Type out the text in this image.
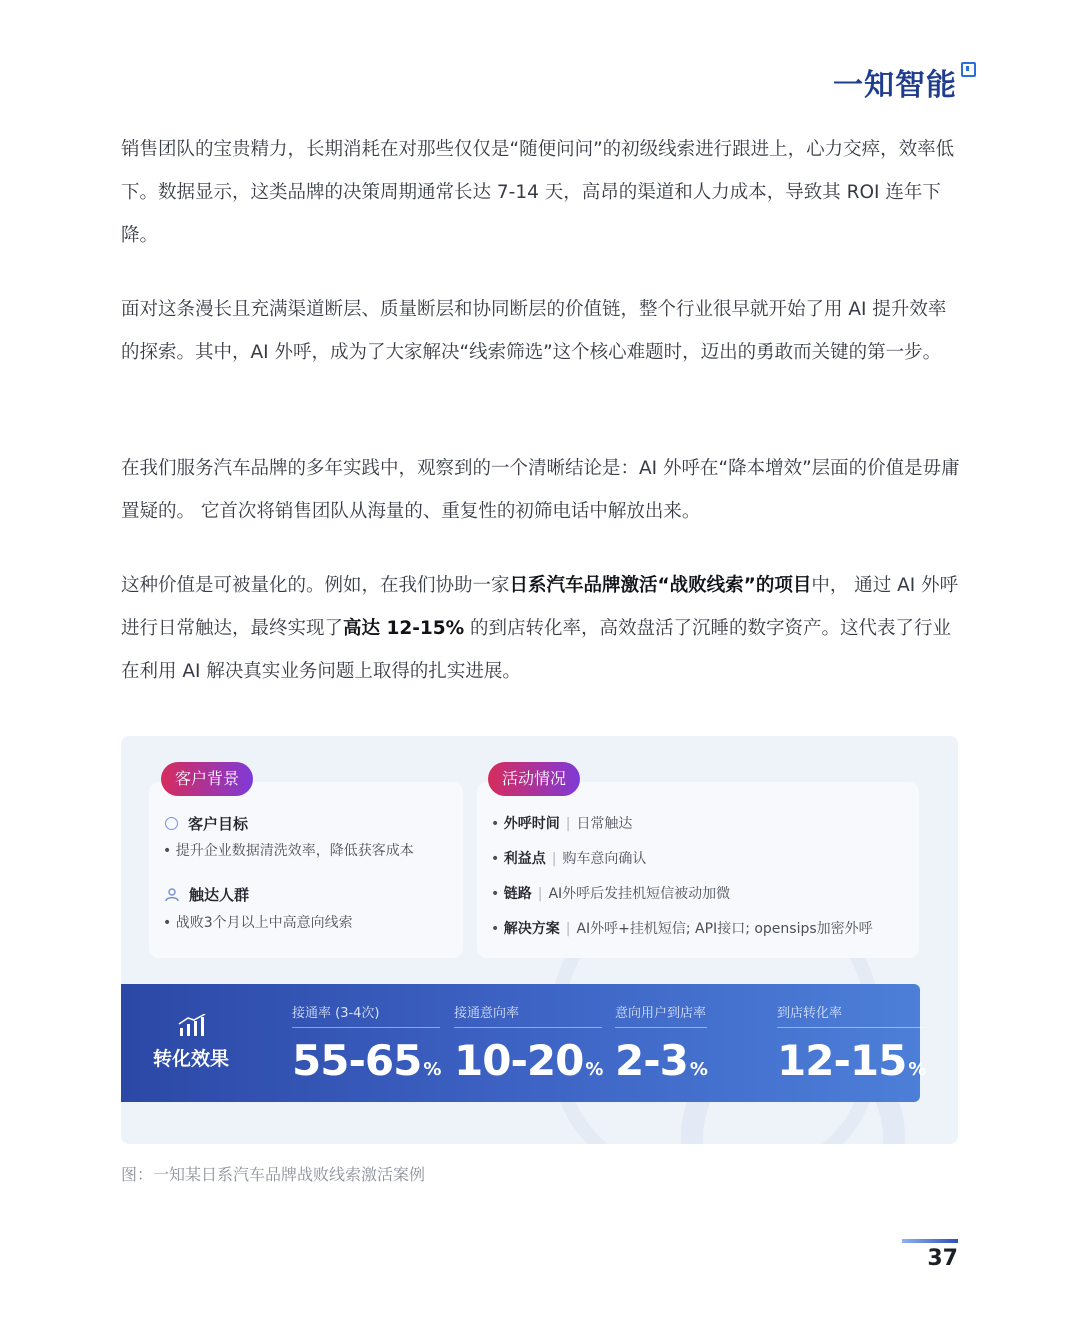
一知智能

销售团队的宝贵精力，长期消耗在对那些仅仅是“随便问问”的初级线索进行跟进上，心力交瘁，效率低下。数据显示，这类品牌的决策周期通常长达 7-14 天，高昂的渠道和人力成本，导致其 ROI 连年下降。

面对这条漫长且充满渠道断层、质量断层和协同断层的价值链，整个行业很早就开始了用 AI 提升效率的探索。其中，AI 外呼，成为了大家解决“线索筛选”这个核心难题时，迈出的勇敢而关键的第一步。

在我们服务汽车品牌的多年实践中，观察到的一个清晰结论是：AI 外呼在“降本增效”层面的价值是毋庸置疑的。 它首次将销售团队从海量的、重复性的初筛电话中解放出来。

这种价值是可被量化的。例如，在我们协助一家日系汽车品牌激活“战败线索”的项目中， 通过 AI 外呼进行日常触达，最终实现了高达 12-15% 的到店转化率，高效盘活了沉睡的数字资产。这代表了行业在利用 AI 解决真实业务问题上取得的扎实进展。

客户背景	活动情况
客户目标
• 提升企业数据清洗效率，降低获客成本
触达人群
• 战败3个月以上中高意向线索
• 外呼时间 | 日常触达
• 利益点 | 购车意向确认
• 链路 | AI外呼后发挂机短信被动加微
• 解决方案 | AI外呼+挂机短信; API接口; opensips加密外呼
转化效果
接通率 (3-4次)
55-65 %
接通意向率
10-20 %
意向用户到店率
2-3 %
到店转化率
12-15 %
图：一知某日系汽车品牌战败线索激活案例
37
